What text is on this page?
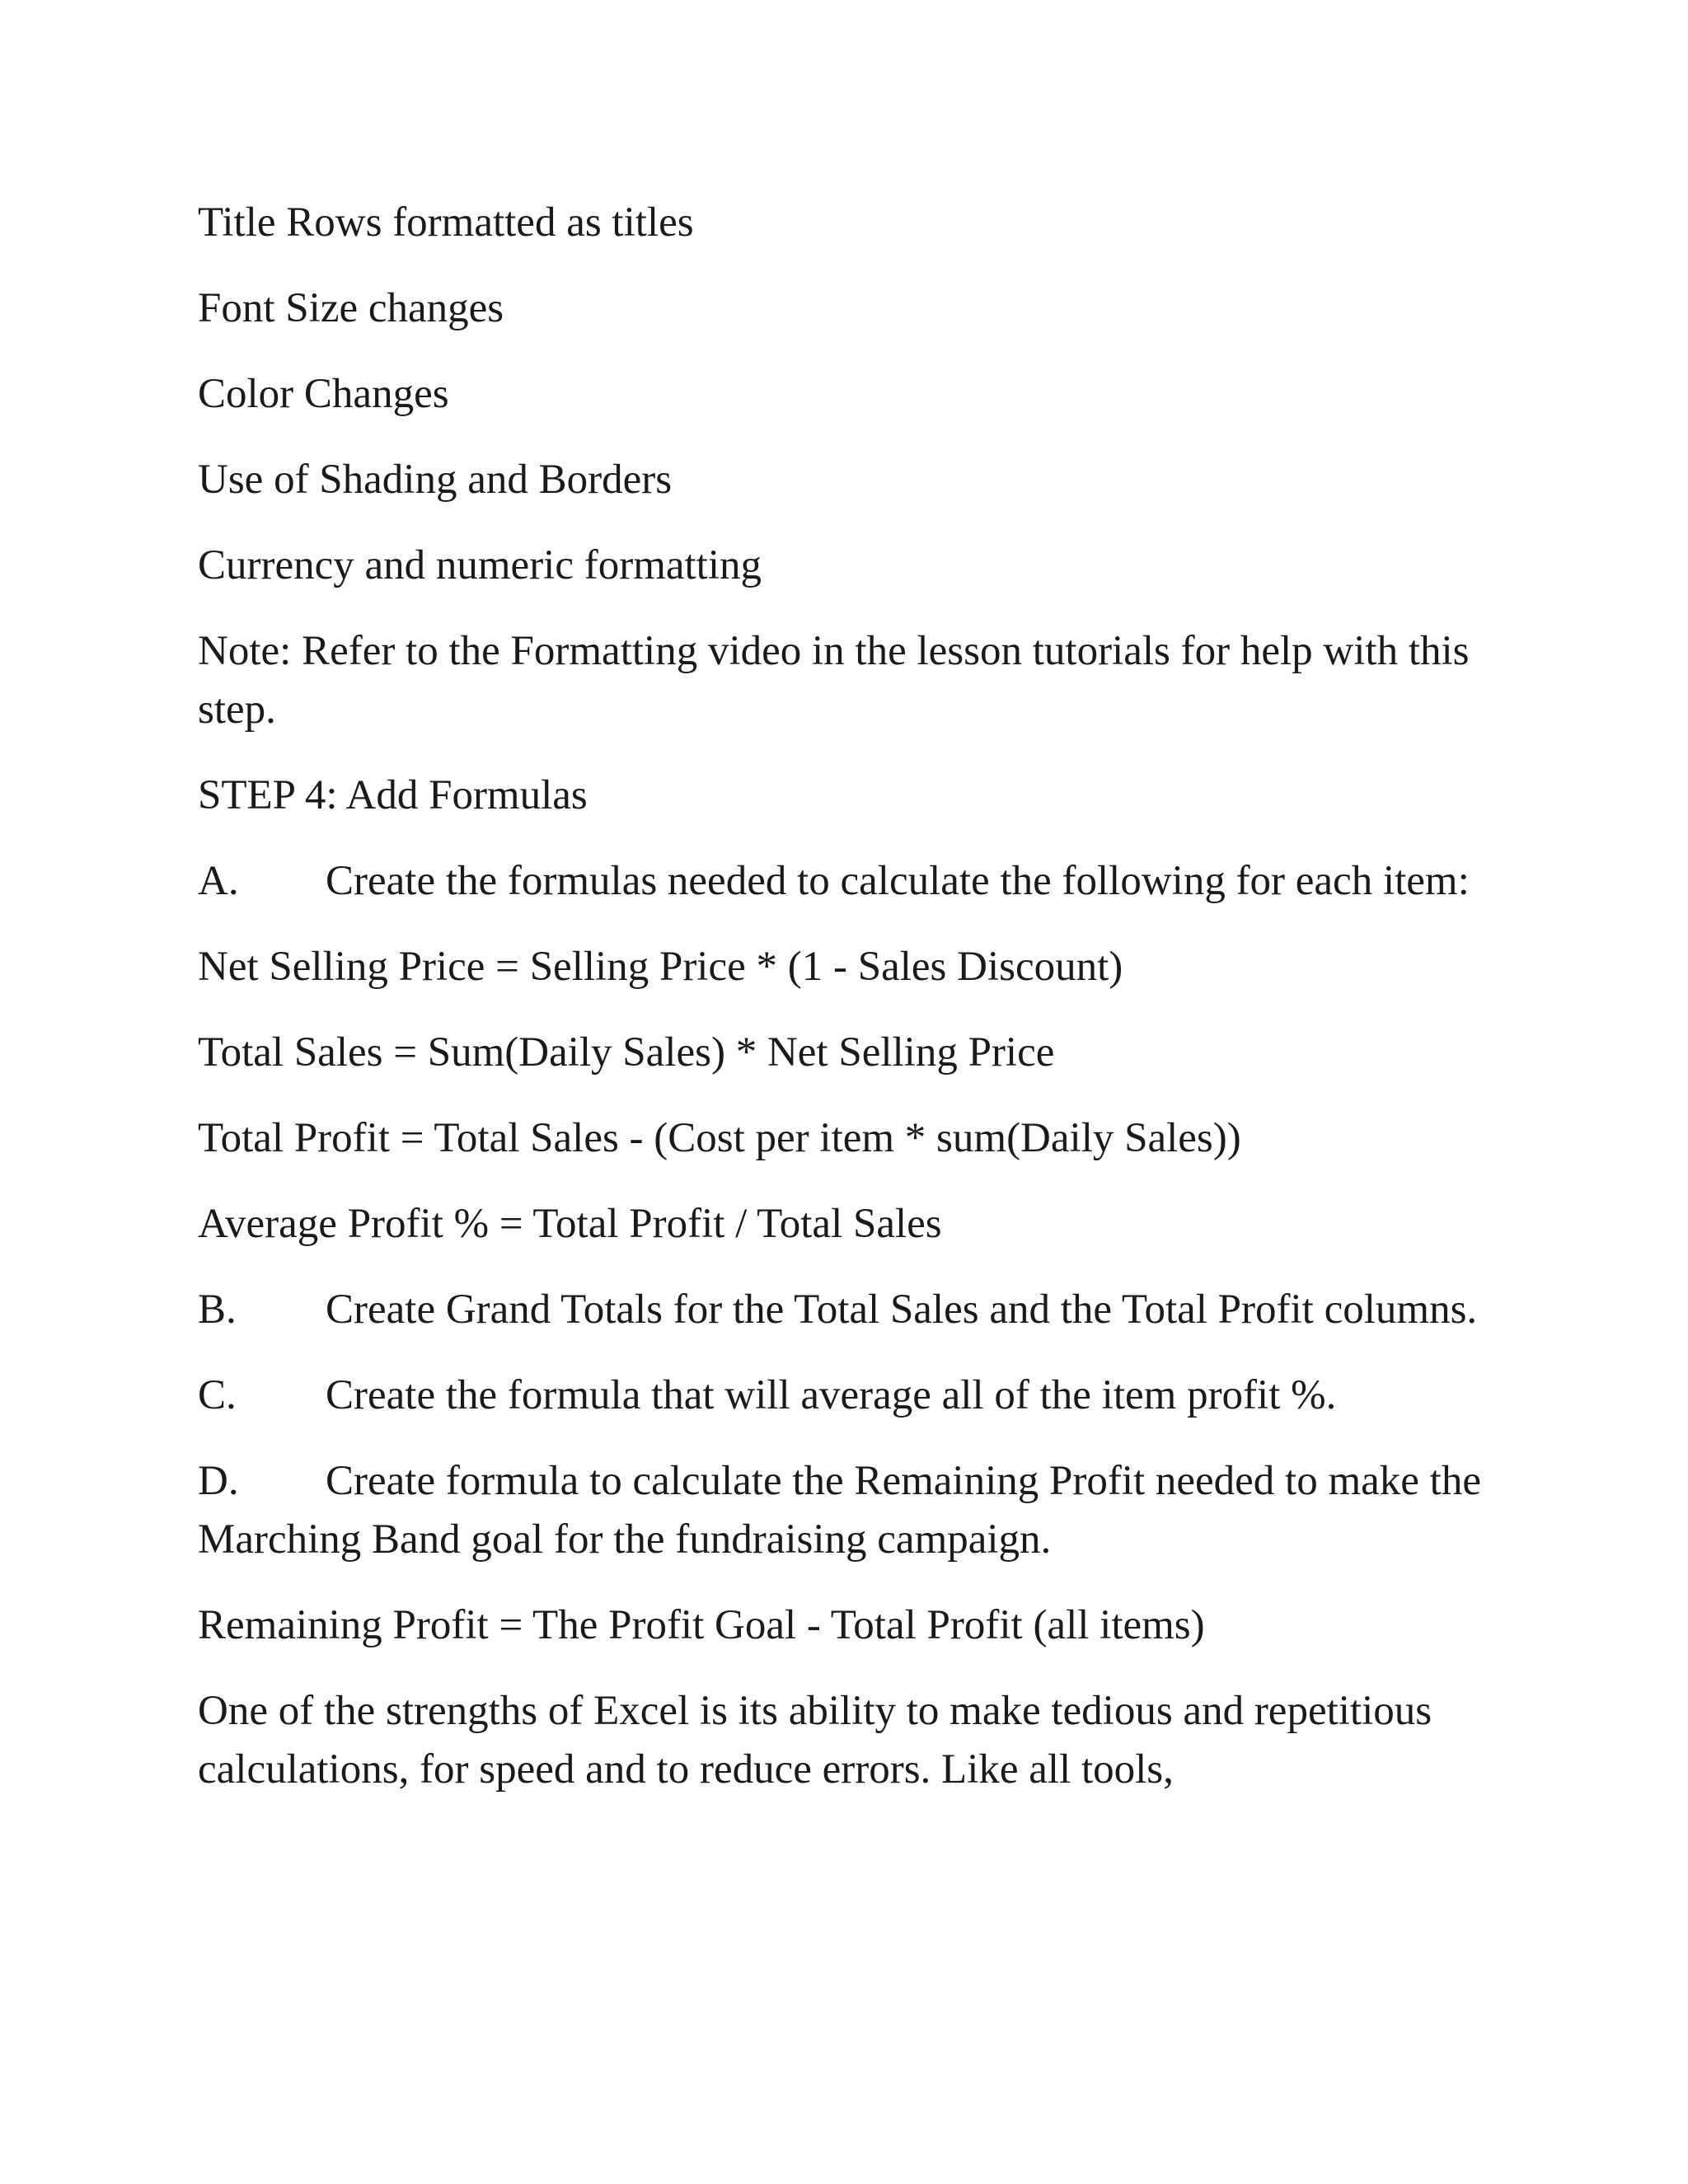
Title Rows formatted as titles

Font Size changes

Color Changes

Use of Shading and Borders

Currency and numeric formatting

Note: Refer to the Formatting video in the lesson tutorials for help with this step.

STEP 4: Add Formulas

A. Create the formulas needed to calculate the following for each item:

Net Selling Price = Selling Price * (1 - Sales Discount)

Total Sales = Sum(Daily Sales) * Net Selling Price

Total Profit = Total Sales - (Cost per item * sum(Daily Sales))

Average Profit % = Total Profit / Total Sales

B. Create Grand Totals for the Total Sales and the Total Profit columns.

C. Create the formula that will average all of the item profit %.

D. Create formula to calculate the Remaining Profit needed to make the Marching Band goal for the fundraising campaign.

Remaining Profit = The Profit Goal - Total Profit (all items)

One of the strengths of Excel is its ability to make tedious and repetitious calculations, for speed and to reduce errors. Like all tools,
